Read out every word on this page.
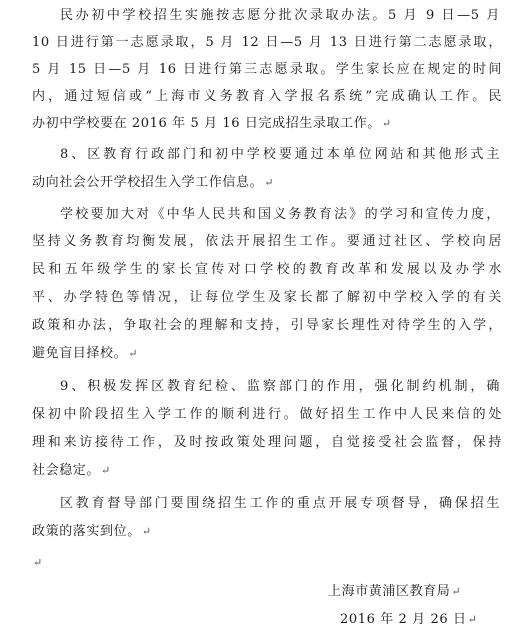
民办初中学校招生实施按志愿分批次录取办法。5 月 9 日—5 月
10 日进行第一志愿录取，5 月 12 日—5 月 13 日进行第二志愿录取，
5 月 15 日—5 月 16 日进行第三志愿录取。学生家长应在规定的时间
内，通过短信或“上海市义务教育入学报名系统”完成确认工作。民
办初中学校要在 2016 年 5 月 16 日完成招生录取工作。↵
8、区教育行政部门和初中学校要通过本单位网站和其他形式主
动向社会公开学校招生入学工作信息。↵
学校要加大对《中华人民共和国义务教育法》的学习和宣传力度，
坚持义务教育均衡发展，依法开展招生工作。要通过社区、学校向居
民和五年级学生的家长宣传对口学校的教育改革和发展以及办学水
平、办学特色等情况，让每位学生及家长都了解初中学校入学的有关
政策和办法，争取社会的理解和支持，引导家长理性对待学生的入学，
避免盲目择校。↵
9、积极发挥区教育纪检、监察部门的作用，强化制约机制，确
保初中阶段招生入学工作的顺利进行。做好招生工作中人民来信的处
理和来访接待工作，及时按政策处理问题，自觉接受社会监督，保持
社会稳定。↵
区教育督导部门要围绕招生工作的重点开展专项督导，确保招生
政策的落实到位。↵
↵
上海市黄浦区教育局↵
2016 年 2 月 26 日↵
